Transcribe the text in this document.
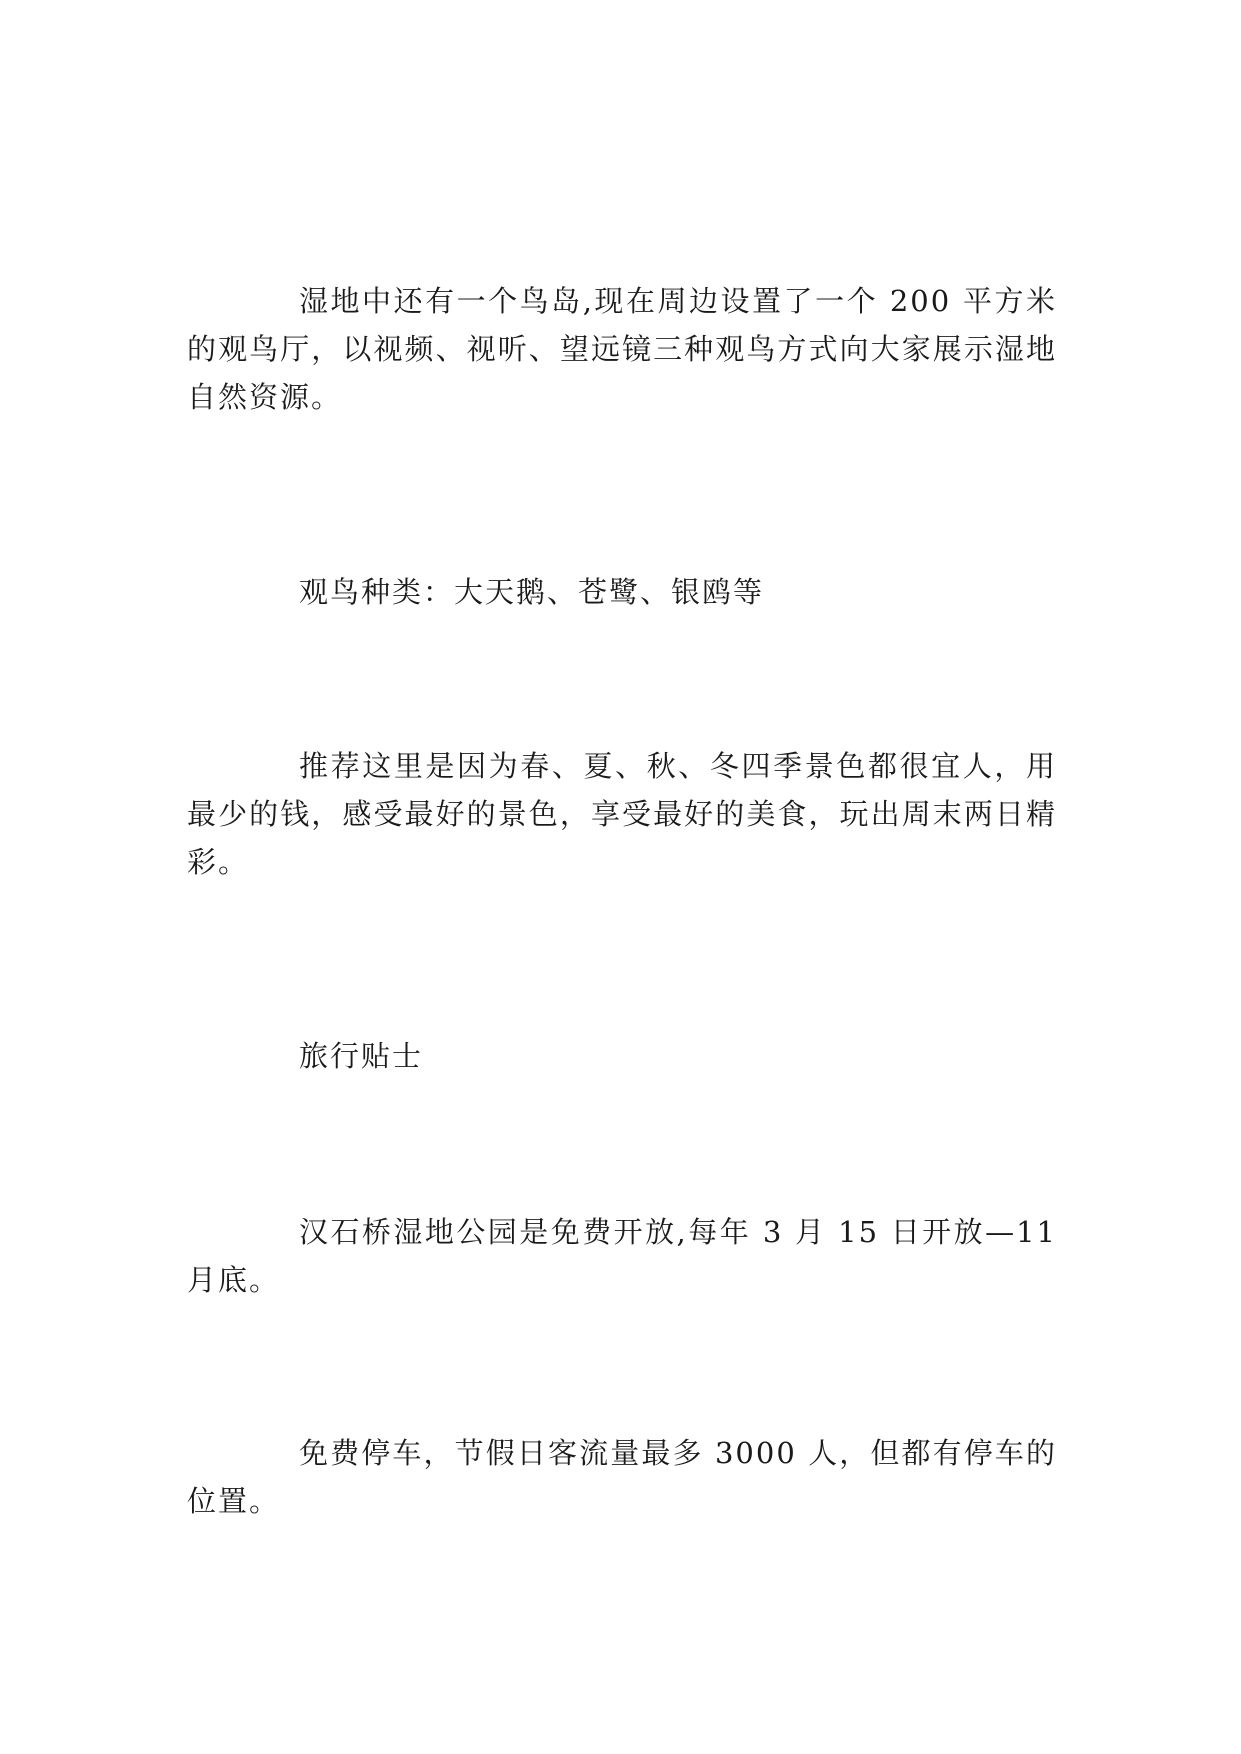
湿地中还有一个鸟岛,现在周边设置了一个 200 平方米的观鸟厅，以视频、视听、望远镜三种观鸟方式向大家展示湿地自然资源。

观鸟种类：大天鹅、苍鹭、银鸥等

推荐这里是因为春、夏、秋、冬四季景色都很宜人，用最少的钱，感受最好的景色，享受最好的美食，玩出周末两日精彩。

旅行贴士

汉石桥湿地公园是免费开放,每年 3 月 15 日开放—11 月底。

免费停车，节假日客流量最多 3000 人，但都有停车的位置。
